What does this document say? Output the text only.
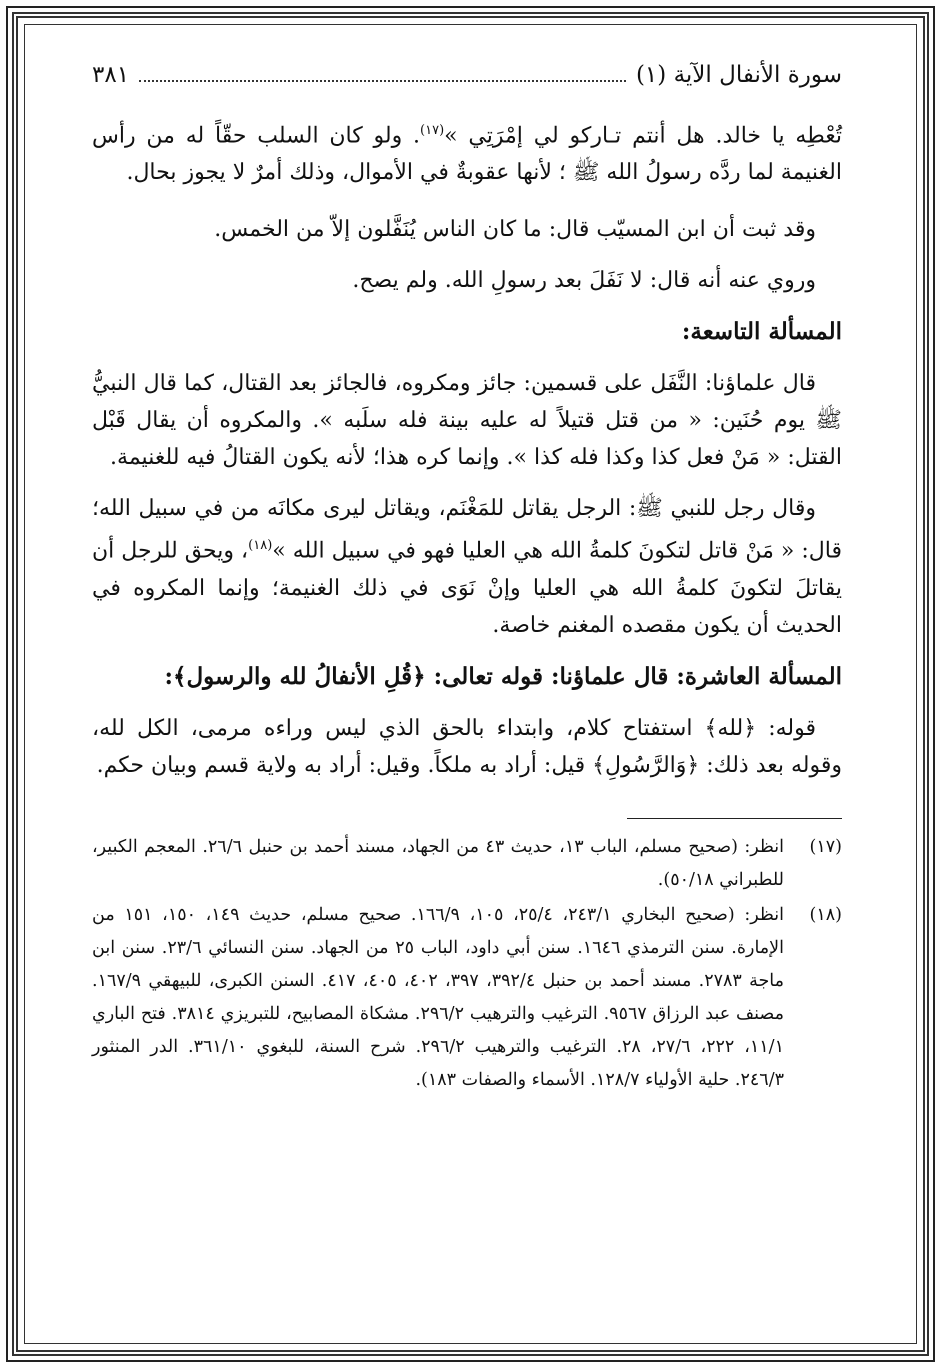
سورة الأنفال الآية (١)
٣٨١

تُعْطِه يا خالد. هل أنتم تـاركو لي إمْرَتِي »$^{(١٧)}$. ولو كان السلب حقّاً له من رأس الغنيمة لما ردَّه رسولُ الله ﷺ ؛ لأنها عقوبةٌ في الأموال، وذلك أمرٌ لا يجوز بحال.

وقد ثبت أن ابن المسيّب قال: ما كان الناس يُنَفَّلون إلاّ من الخمس.

وروي عنه أنه قال: لا نَفَلَ بعد رسولِ الله. ولم يصح.

المسألة التاسعة:

قال علماؤنا: النَّفَل على قسمين: جائز ومكروه، فالجائز بعد القتال، كما قال النبيُّ ﷺ يوم حُنَين: « من قتل قتيلاً له عليه بينة فله سلَبه ». والمكروه أن يقال قَبْل القتل: « مَنْ فعل كذا وكذا فله كذا ». وإنما كره هذا؛ لأنه يكون القتالُ فيه للغنيمة.

وقال رجل للنبي ﷺ: الرجل يقاتل للمَغْنَم، ويقاتل ليرى مكانَه من في سبيل الله؛ قال: « مَنْ قاتل لتكونَ كلمةُ الله هي العليا فهو في سبيل الله »$^{(١٨)}$، ويحق للرجل أن يقاتلَ لتكونَ كلمةُ الله هي العليا وإنْ نَوَى في ذلك الغنيمة؛ وإنما المكروه في الحديث أن يكون مقصده المغنم خاصة.

المسألة العاشرة: قال علماؤنا: قوله تعالى: ﴿قُلِ الأنفالُ لله والرسول﴾:

قوله: ﴿لله﴾ استفتاح كلام، وابتداء بالحق الذي ليس وراءه مرمى، الكل لله، وقوله بعد ذلك: ﴿وَالرَّسُولِ﴾ قيل: أراد به ملكاً. وقيل: أراد به ولاية قسم وبيان حكم.

(١٧)
انظر: (صحيح مسلم، الباب ١٣، حديث ٤٣ من الجهاد، مسند أحمد بن حنبل ٢٦/٦. المعجم الكبير، للطبراني ٥٠/١٨).
(١٨)
انظر: (صحيح البخاري ٢٤٣/١، ٢٥/٤، ١٠٥، ١٦٦/٩. صحيح مسلم، حديث ١٤٩، ١٥٠، ١٥١ من الإمارة. سنن الترمذي ١٦٤٦. سنن أبي داود، الباب ٢٥ من الجهاد. سنن النسائي ٢٣/٦. سنن ابن ماجة ٢٧٨٣. مسند أحمد بن حنبل ٣٩٢/٤، ٣٩٧، ٤٠٢، ٤٠٥، ٤١٧. السنن الكبرى، للبيهقي ١٦٧/٩. مصنف عبد الرزاق ٩٥٦٧. الترغيب والترهيب ٢٩٦/٢. مشكاة المصابيح، للتبريزي ٣٨١٤. فتح الباري ١١/١، ٢٢٢، ٢٧/٦، ٢٨. الترغيب والترهيب ٢٩٦/٢. شرح السنة، للبغوي ٣٦١/١٠. الدر المنثور ٢٤٦/٣. حلية الأولياء ١٢٨/٧. الأسماء والصفات ١٨٣).
